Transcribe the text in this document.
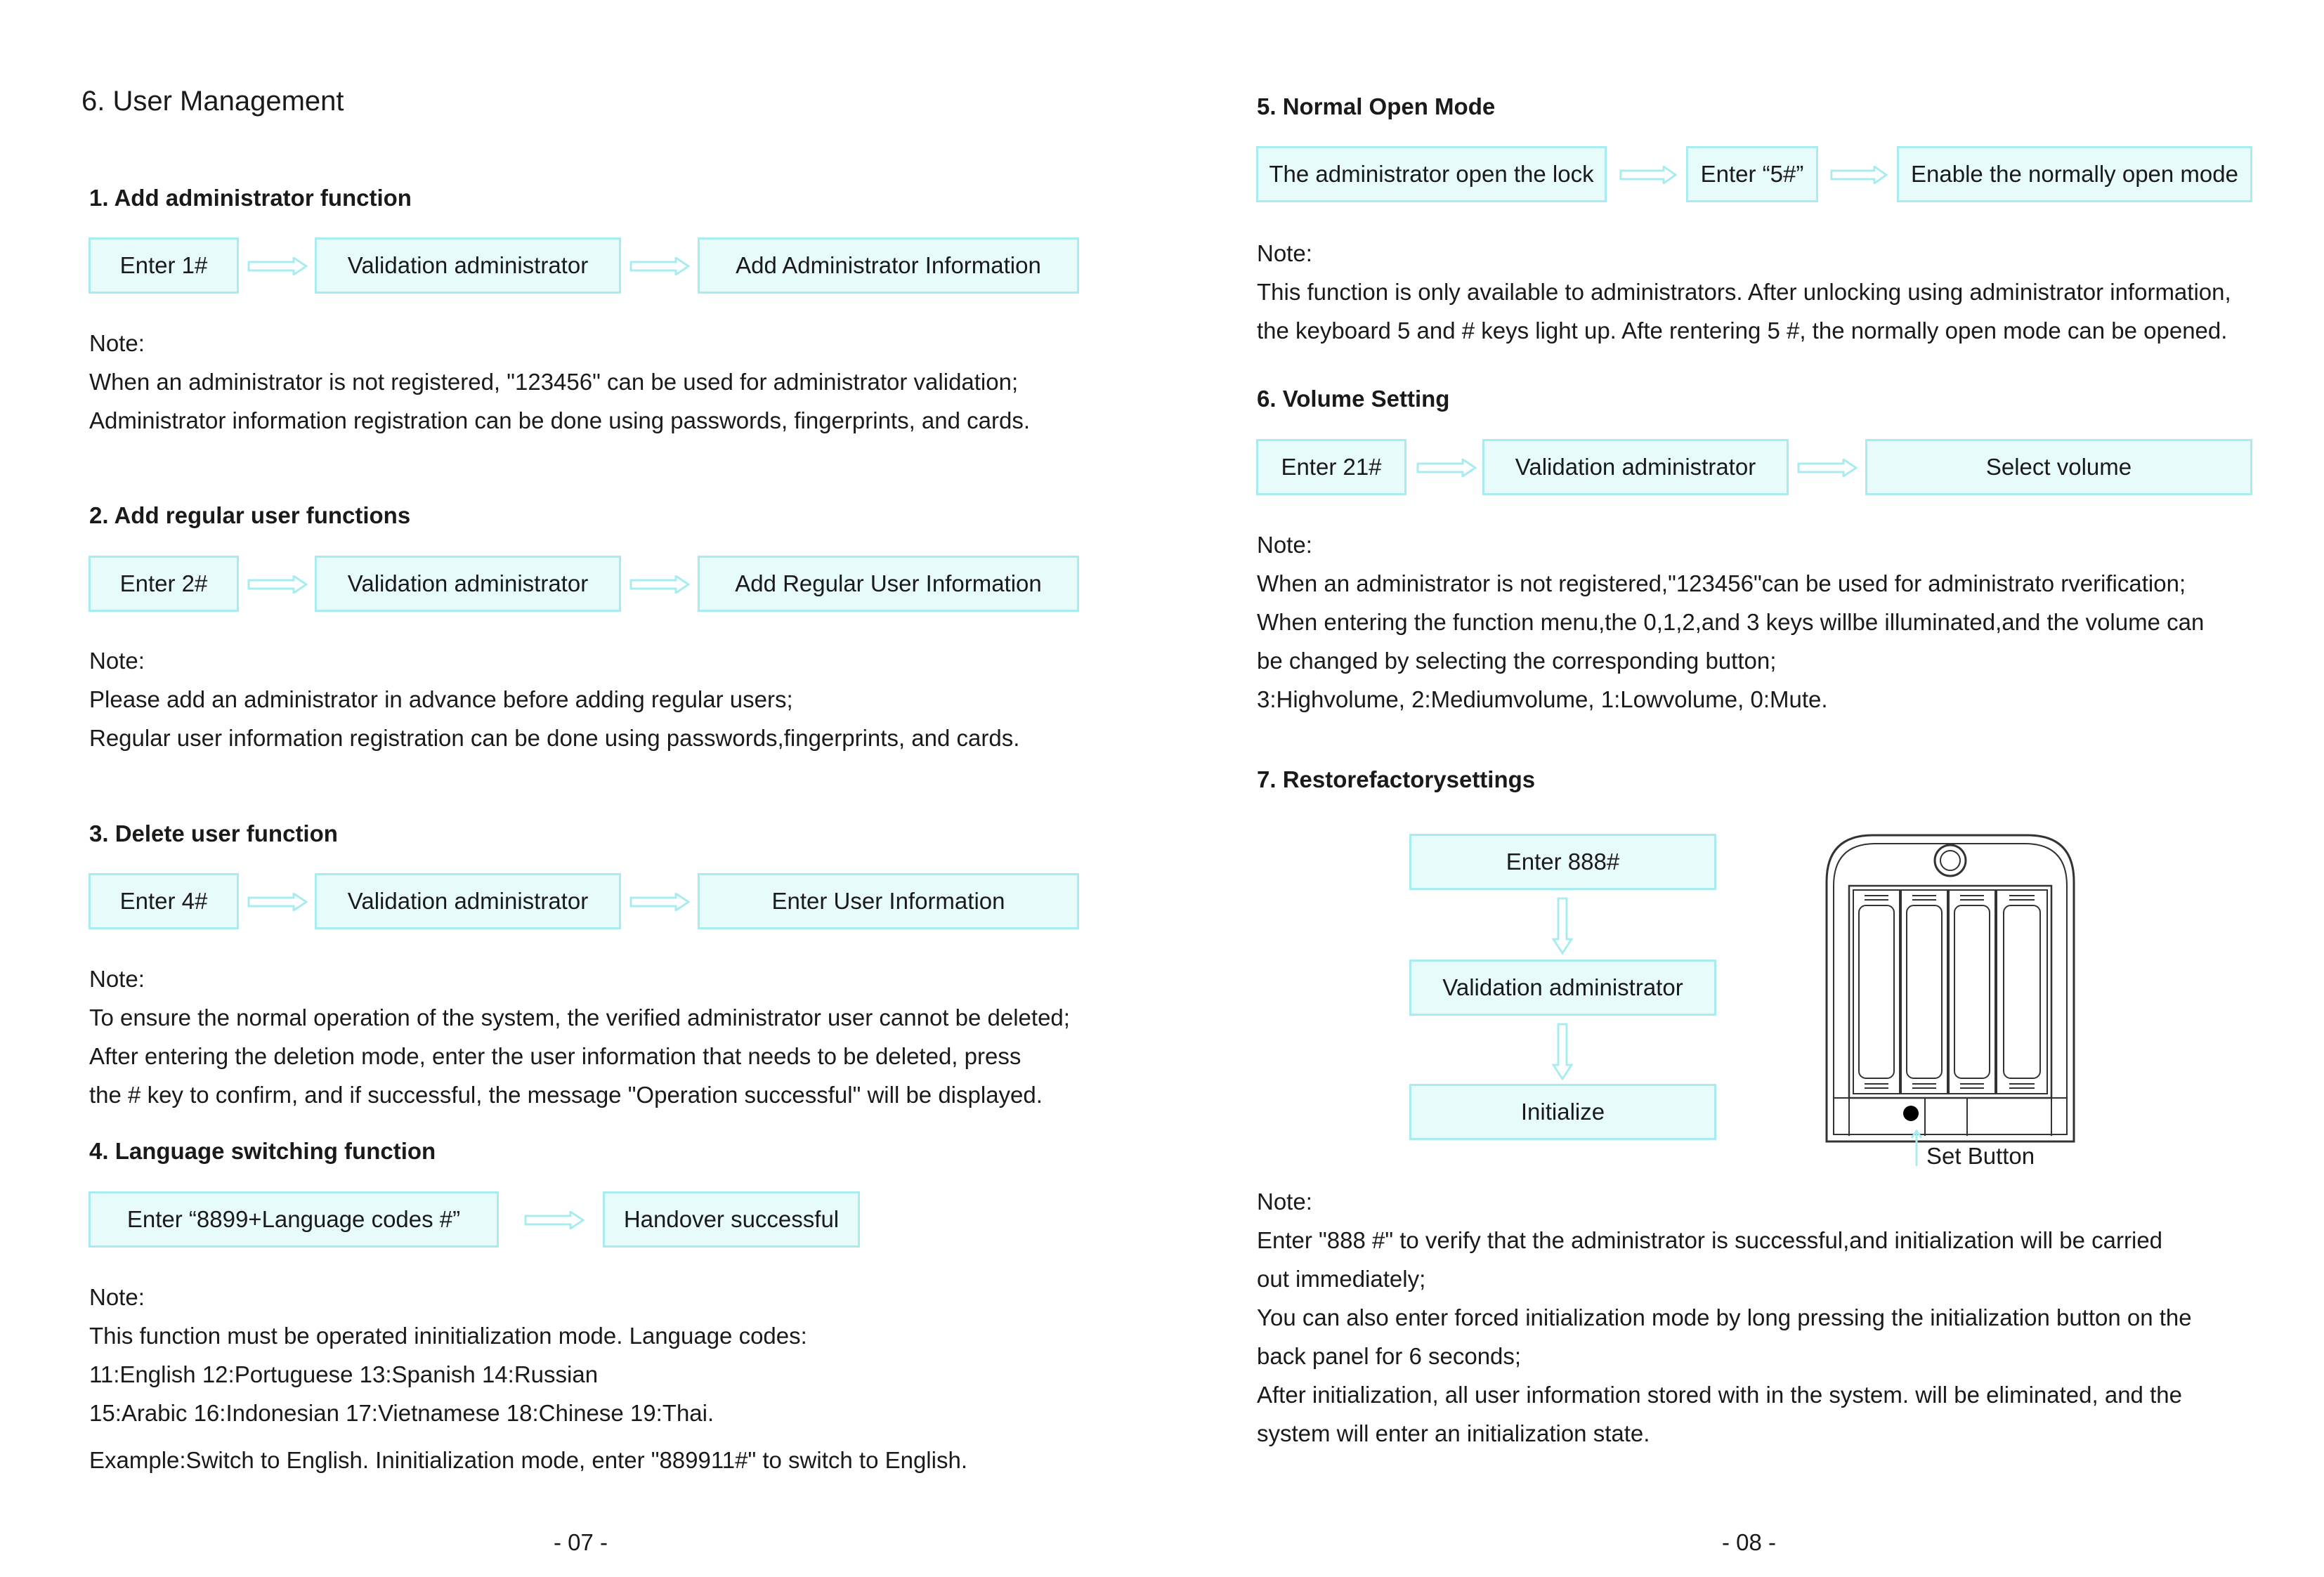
6. User Management
1. Add administrator function
Enter 1#	Validation administrator	Add Administrator Information

Note:

When an administrator is not registered, "123456" can be used for administrator validation;

Administrator information registration can be done using passwords, fingerprints, and cards.

2. Add regular user functions
Enter 2#	Validation administrator	Add Regular User Information

Note:

Please add an administrator in advance before adding regular users;

Regular user information registration can be done using passwords,fingerprints, and cards.

3. Delete user function
Enter 4#	Validation administrator	Enter User Information

Note:

To ensure the normal operation of the system, the verified administrator user cannot be deleted;

After entering the deletion mode, enter the user information that needs to be deleted, press

the # key to confirm, and if successful, the message "Operation successful" will be displayed.

4. Language switching function
Enter “8899+Language codes #”	Handover successful

Note:

This function must be operated ininitialization mode. Language codes:

11:English 12:Portuguese 13:Spanish 14:Russian

15:Arabic 16:Indonesian 17:Vietnamese 18:Chinese 19:Thai.

Example:Switch to English. Ininitialization mode, enter "889911#" to switch to English.
- 07 -
5. Normal Open Mode
The administrator open the lock	Enter “5#”	Enable the normally open mode

Note:

This function is only available to administrators. After unlocking using administrator information,

the keyboard 5 and # keys light up. Afte rentering 5 #, the normally open mode can be opened.

6. Volume Setting
Enter 21#	Validation administrator	Select volume

Note:

When an administrator is not registered,"123456"can be used for administrato rverification;

When entering the function menu,the 0,1,2,and 3 keys willbe illuminated,and the volume can

be changed by selecting the corresponding button;

3:Highvolume, 2:Mediumvolume, 1:Lowvolume, 0:Mute.

7. Restorefactorysettings
Enter 888#
Validation administrator
Initialize
Set Button

Note:

Enter "888 #" to verify that the administrator is successful,and initialization will be carried

out immediately;

You can also enter forced initialization mode by long pressing the initialization button on the

back panel for 6 seconds;

After initialization, all user information stored with in the system. will be eliminated, and the

system will enter an initialization state.

- 08 -
